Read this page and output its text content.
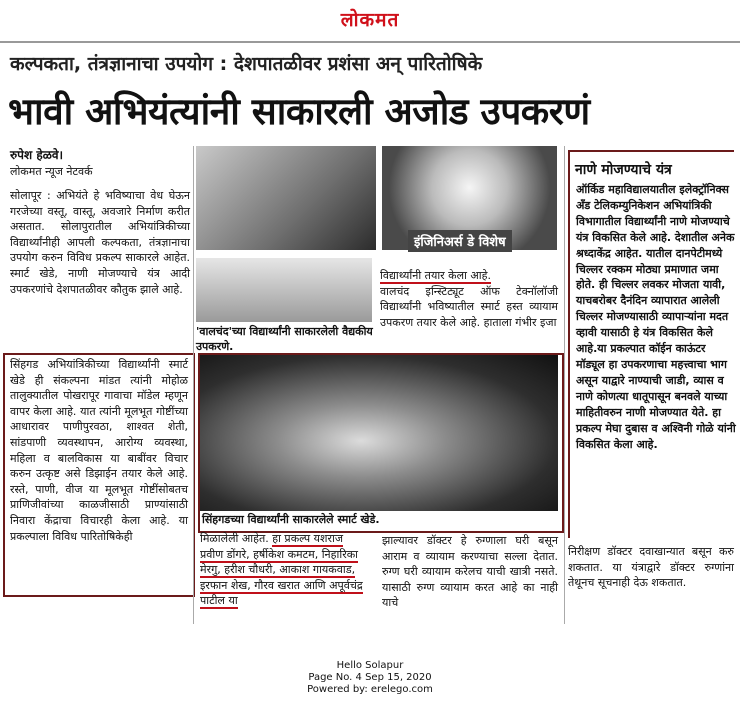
लोकमत
कल्पकता, तंत्रज्ञानाचा उपयोग : देशपातळीवर प्रशंसा अन् पारितोषिके
भावी अभियंत्यांनी साकारली अजोड उपकरणं
रुपेश हेळवे।
लोकमत न्यूज नेटवर्क
सोलापूर : अभियंते हे भविष्याचा वेध घेऊन गरजेच्या वस्तू, वास्तू, अवजारे निर्माण करीत असतात. सोलापुरातील अभियांत्रिकीच्या विद्यार्थ्यांनीही आपली कल्पकता, तंत्रज्ञानाचा उपयोग करुन विविध प्रकल्प साकारले आहेत. स्मार्ट खेडे, नाणी मोजण्याचे यंत्र आदी उपकरणांचे देशपातळीवर कौतुक झाले आहे.
सिंहगड अभियांत्रिकीच्या विद्यार्थ्यांनी स्मार्ट खेडे ही संकल्पना मांडत त्यांनी मोहोळ तालुक्यातील पोखरापूर गावाचा मॉडेल म्हणून वापर केला आहे. यात त्यांनी मूलभूत गोष्टींच्या आधारावर पाणीपुरवठा, शाश्वत शेती, सांडपाणी व्यवस्थापन, आरोग्य व्यवस्था, महिला व बालविकास या बाबींवर विचार करुन उत्कृष्ट असे डिझाईन तयार केले आहे. रस्ते, पाणी, वीज या मूलभूत गोष्टींसोबतच प्राणिजीवांच्या काळजीसाठी प्राण्यांसाठी निवारा केंद्राचा विचारही केला आहे. या प्रकल्पाला विविध पारितोषिकेही
'वालचंद'च्या विद्यार्थ्यांनी साकारलेली वैद्यकीय उपकरणे.
इंजिनिअर्स डे विशेष
विद्यार्थ्यांनी तयार केला आहे.
वालचंद इन्स्टिट्यूट ऑफ टेक्नॉलॉजी विद्यार्थ्यांनी भविष्यातील स्मार्ट हस्त व्यायाम उपकरण तयार केले आहे. हाताला गंभीर इजा
सिंहगडच्या विद्यार्थ्यांनी साकारलेले स्मार्ट खेडे.
मिळालेली आहेत. हा प्रकल्प यशराज प्रवीण डोंगरे, हर्षीकेश कमटम, निहारिका मेरगु, हरीश चौधरी, आकाश गायकवाड, इरफान शेख, गौरव खरात आणि अपूर्वचंद्र पाटील या
झाल्यावर डॉक्टर हे रुग्णाला घरी बसून आराम व व्यायाम करण्याचा सल्ला देतात. रुग्ण घरी व्यायाम करेलच याची खात्री नसते. यासाठी रुग्ण व्यायाम करत आहे का नाही याचे
नाणे मोजण्याचे यंत्र
ऑर्किड महाविद्यालयातील इलेक्ट्रॉनिक्स अँड टेलिकम्युनिकेशन अभियांत्रिकी विभागातील विद्यार्थ्यांनी नाणे मोजण्याचे यंत्र विकसित केले आहे. देशातील अनेक श्रध्दाकेंद्र आहेत. यातील दानपेटीमध्ये चिल्लर रक्कम मोठ्या प्रमाणात जमा होते. ही चिल्लर लवकर मोजता यावी, याचबरोबर दैनंदिन व्यापारात आलेली चिल्लर मोजण्यासाठी व्यापाऱ्यांना मदत व्हावी यासाठी हे यंत्र विकसित केले आहे.या प्रकल्पात कॉईन काऊंटर मॉड्यूल हा उपकरणाचा महत्त्वाचा भाग असून याद्वारे नाण्याची जाडी, व्यास व नाणे कोणत्या धातूपासून बनवले याच्या माहितीवरुन नाणी मोजण्यात येते. हा प्रकल्प मेघा दुबास व अश्विनी गोळे यांनी विकसित केला आहे.
निरीक्षण डॉक्टर दवाखान्यात बसून करु शकतात. या यंत्राद्वारे डॉक्टर रुग्णांना तेथूनच सूचनाही देऊ शकतात.
Hello Solapur
Page No. 4 Sep 15, 2020
Powered by: erelego.com
